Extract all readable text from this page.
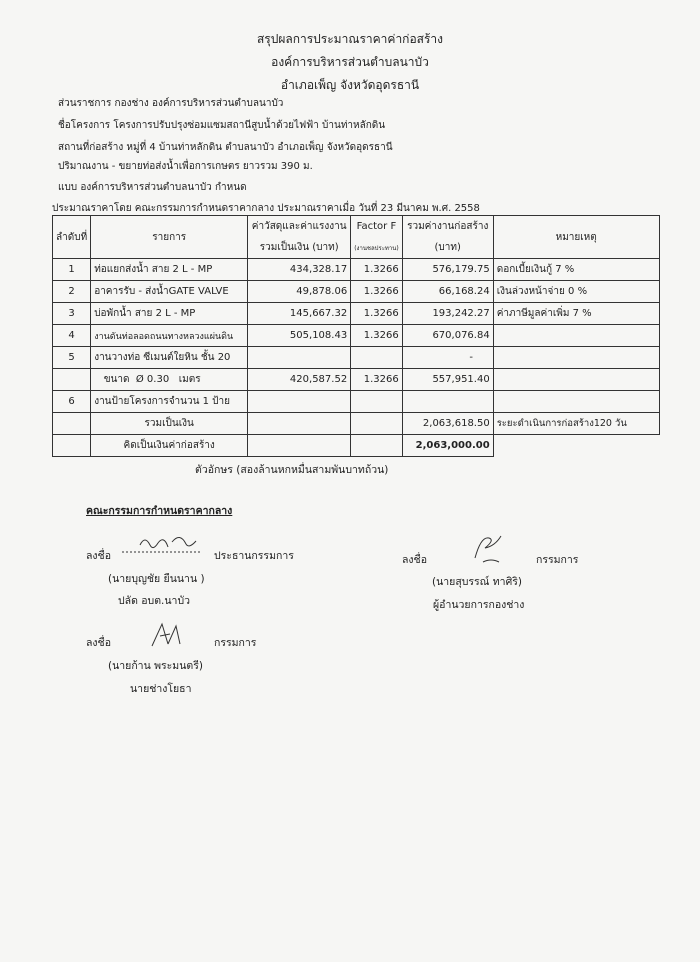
สรุปผลการประมาณราคาค่าก่อสร้าง
องค์การบริหารส่วนตำบลนาบัว
อำเภอเพ็ญ จังหวัดอุดรธานี
ส่วนราชการ กองช่าง องค์การบริหารส่วนตำบลนาบัว
ชื่อโครงการ โครงการปรับปรุงซ่อมแซมสถานีสูบน้ำด้วยไฟฟ้า บ้านท่าหลักดิน
สถานที่ก่อสร้าง หมู่ที่ 4 บ้านท่าหลักดิน ตำบลนาบัว อำเภอเพ็ญ จังหวัดอุดรธานี
ปริมาณงาน - ขยายท่อส่งน้ำเพื่อการเกษตร ยาวรวม 390 ม.
แบบ องค์การบริหารส่วนตำบลนาบัว กำหนด
ประมาณราคาโดย คณะกรรมการกำหนดราคากลาง ประมาณราคาเมื่อ วันที่ 23 มีนาคม พ.ศ. 2558
ลำดับที่	รายการ	ค่าวัสดุและค่าแรงงาน	Factor F	รวมค่างานก่อสร้าง	หมายเหตุ
		รวมเป็นเงิน (บาท)	(งานชลประทาน)	(บาท)	
1	ท่อแยกส่งน้ำ สาย 2 L - MP	434,328.17	1.3266	576,179.75	ดอกเบี้ยเงินกู้ 7 %
2	อาคารรับ - ส่งน้ำGATE VALVE	49,878.06	1.3266	66,168.24	เงินล่วงหน้าจ่าย 0 %
3	บ่อพักน้ำ สาย 2 L - MP	145,667.32	1.3266	193,242.27	ค่าภาษีมูลค่าเพิ่ม 7 %
4	งานดันท่อลอดถนนทางหลวงแผ่นดิน	505,108.43	1.3266	670,076.84	
5	งานวางท่อ ซีเมนต์ใยหิน ชั้น 20			-	
	ขนาด  Ø 0.30   เมตร	420,587.52	1.3266	557,951.40	
6	งานป้ายโครงการจำนวน 1 ป้าย				
	รวมเป็นเงิน			2,063,618.50	ระยะดำเนินการก่อสร้าง120 วัน
	คิดเป็นเงินค่าก่อสร้าง			2,063,000.00	
ตัวอักษร (สองล้านหกหมื่นสามพันบาทถ้วน)
คณะกรรมการกำหนดราคากลาง
ลงชื่อ	ประธานกรรมการ
(นายบุญชัย ยืนนาน )
ปลัด อบต.นาบัว
ลงชื่อ	กรรมการ
(นายสุบรรณ์ ทาศิริ)
ผู้อำนวยการกองช่าง
ลงชื่อ	กรรมการ
(นายก้าน พระมนตรี)
นายช่างโยธา
